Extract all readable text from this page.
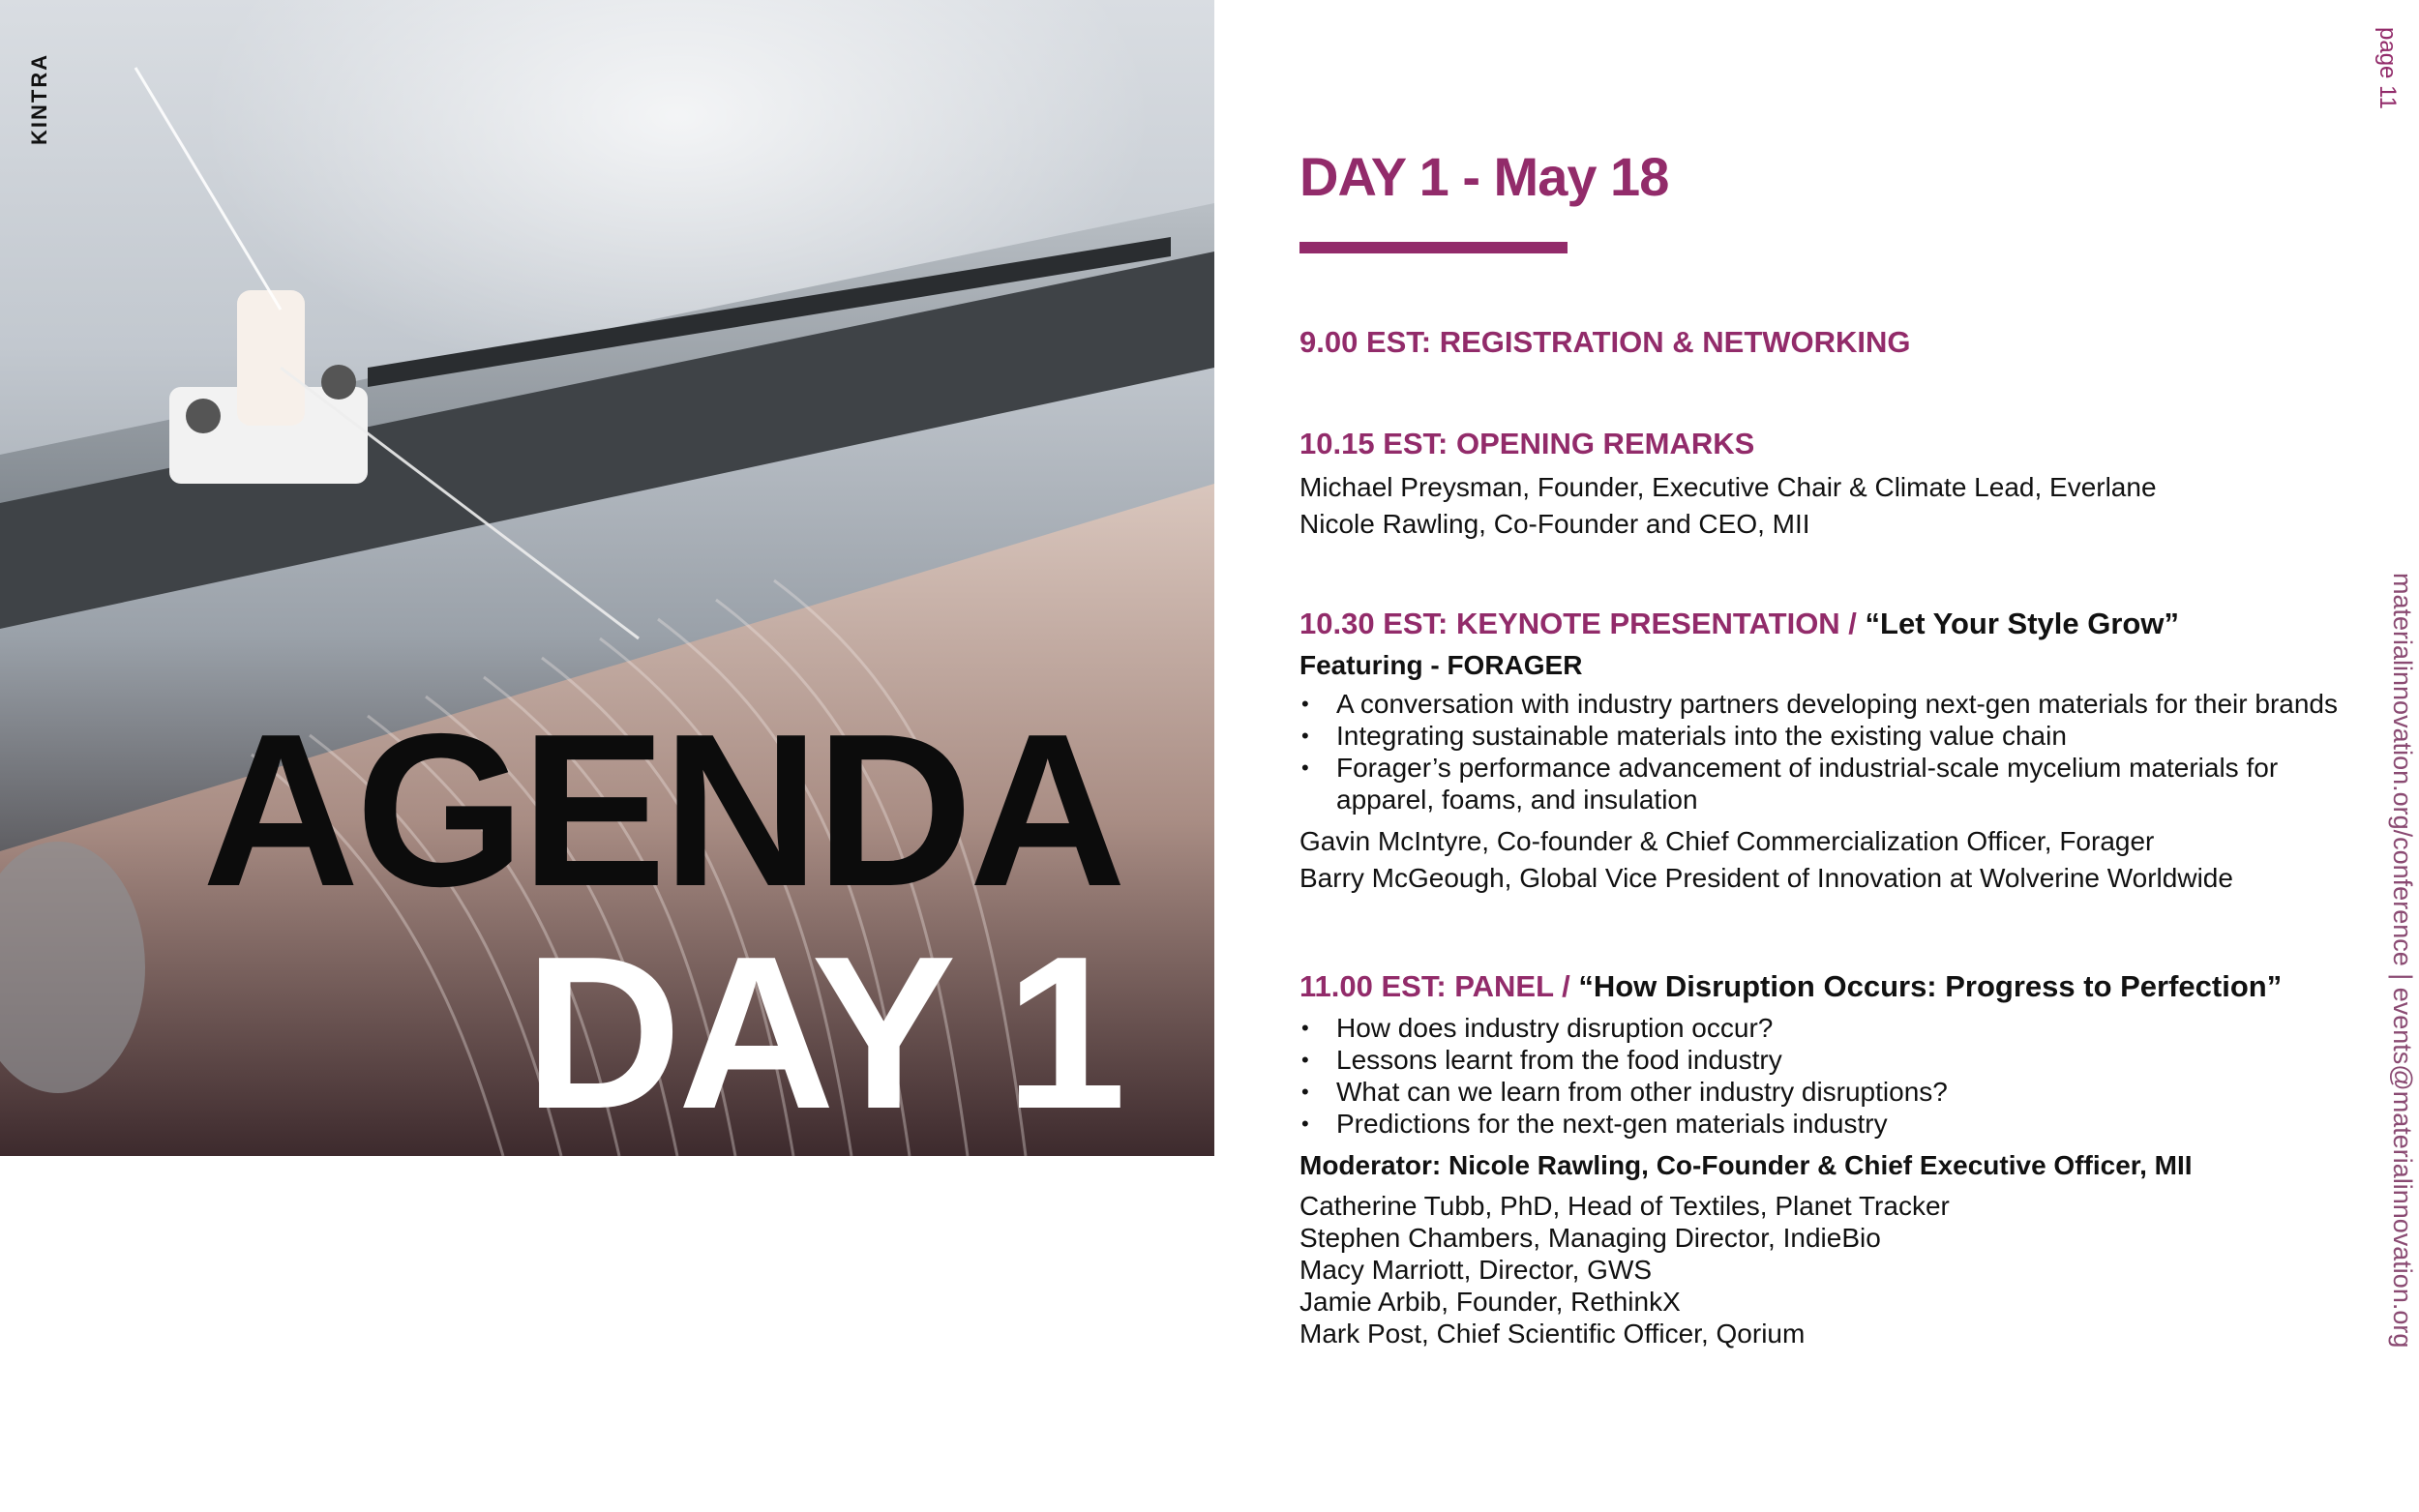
KINTRA
AGENDA
DAY 1
DAY 1 - May 18

9.00 EST: REGISTRATION & NETWORKING

10.15 EST: OPENING REMARKS

Michael Preysman, Founder, Executive Chair & Climate Lead, Everlane

Nicole Rawling, Co-Founder and CEO, MII

10.30 EST: KEYNOTE PRESENTATION / “Let Your Style Grow”

Featuring - FORAGER

• A conversation with industry partners developing next-gen materials for their brands
• Integrating sustainable materials into the existing value chain
• Forager’s performance advancement of industrial-scale mycelium materials for apparel, foams, and insulation

Gavin McIntyre, Co-founder & Chief Commercialization Officer, Forager

Barry McGeough, Global Vice President of Innovation at Wolverine Worldwide

11.00 EST: PANEL / “How Disruption Occurs: Progress to Perfection”

• How does industry disruption occur?
• Lessons learnt from the food industry
• What can we learn from other industry disruptions?
• Predictions for the next-gen materials industry

Moderator: Nicole Rawling, Co-Founder & Chief Executive Officer, MII

Catherine Tubb, PhD, Head of Textiles, Planet Tracker

Stephen Chambers, Managing Director, IndieBio

Macy Marriott, Director, GWS

Jamie Arbib, Founder, RethinkX

Mark Post, Chief Scientific Officer, Qorium

page 11
materialinnovation.org/conference | events@materialinnovation.org
